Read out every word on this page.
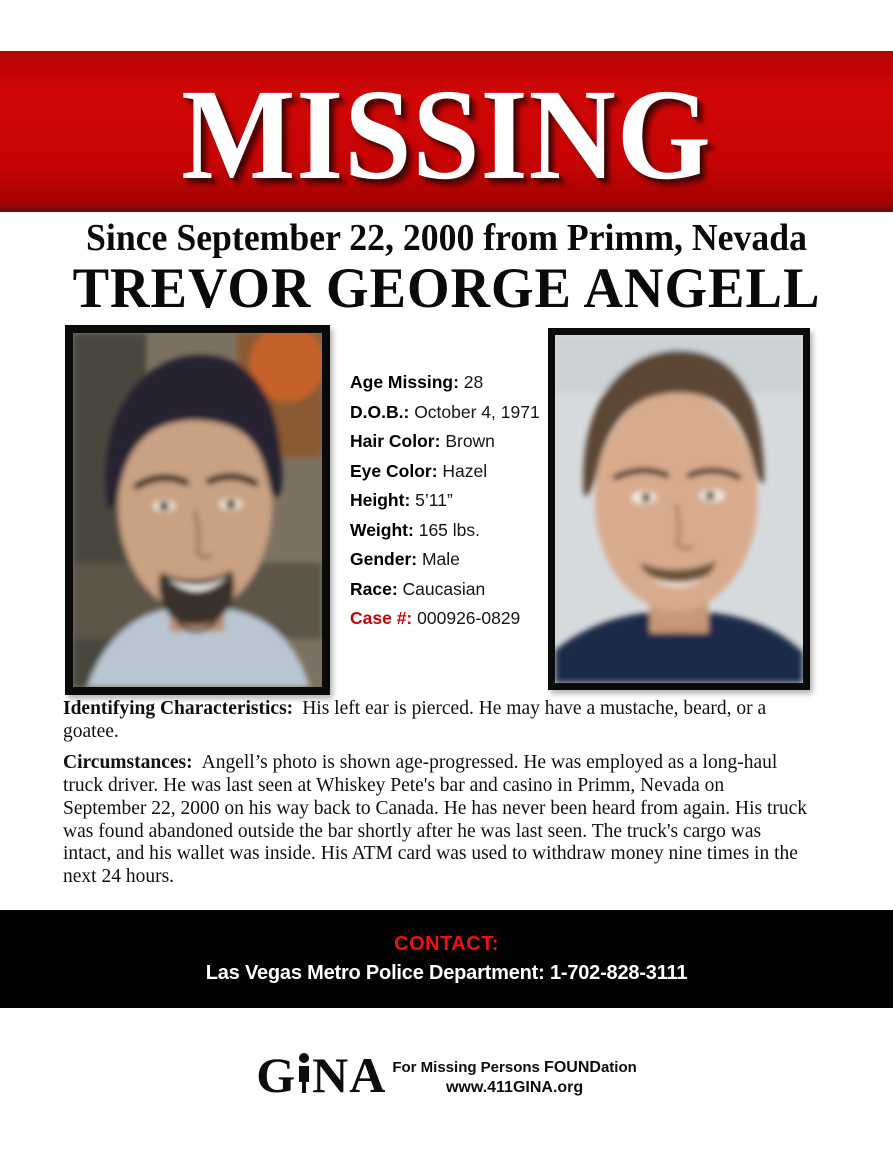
MISSING
Since September 22, 2000 from Primm, Nevada
TREVOR GEORGE ANGELL
Age Missing: 28
D.O.B.: October 4, 1971
Hair Color: Brown
Eye Color: Hazel
Height: 5’11”
Weight: 165 lbs.
Gender: Male
Race: Caucasian
Case #: 000926-0829

Identifying Characteristics: His left ear is pierced. He may have a mustache, beard, or a goatee.

Circumstances: Angell’s photo is shown age-progressed. He was employed as a long-haul truck driver. He was last seen at Whiskey Pete's bar and casino in Primm, Nevada on September 22, 2000 on his way back to Canada. He has never been heard from again. His truck was found abandoned outside the bar shortly after he was last seen. The truck's cargo was intact, and his wallet was inside. His ATM card was used to withdraw money nine times in the next 24 hours.

CONTACT:
Las Vegas Metro Police Department: 1-702-828-3111
G NA For Missing Persons FOUNDation
www.411GINA.org
